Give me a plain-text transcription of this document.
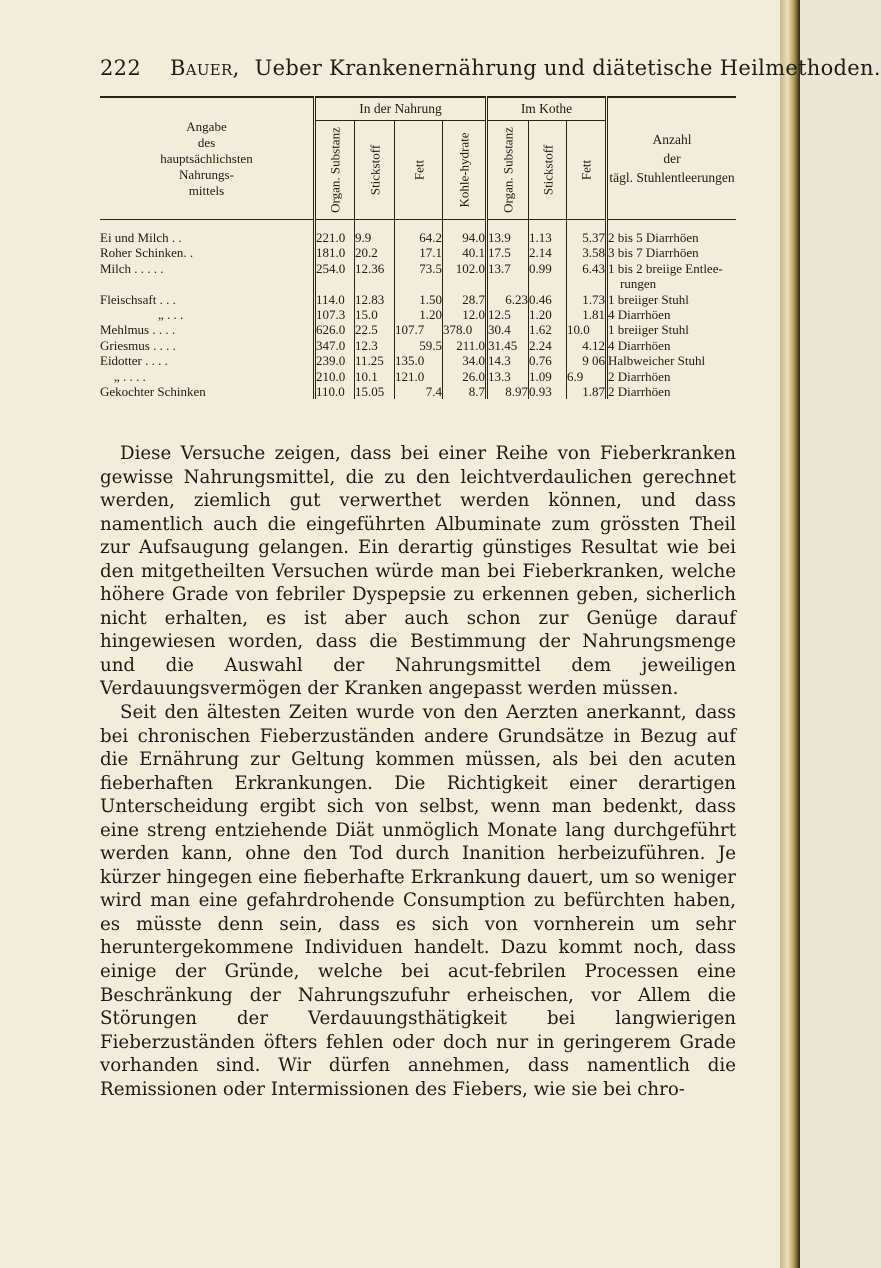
222 Bauer, Ueber Krankenernährung und diätetische Heilmethoden.
Angabe
des
hauptsächlichsten
Nahrungs-
mittels	In der Nahrung				Im Kothe			Anzahl
der
tägl. Stuhlentleerungen

	Organ. Substanz	Stickstoff	Fett	Kohle-hydrate	Organ. Substanz	Stickstoff	Fett	

Ei und Milch . .	221.0	9.9	64.2	94.0	13.9	1.13	5.37	2 bis 5 Diarrhöen
Roher Schinken. .	181.0	20.2	17.1	40.1	17.5	2.14	3.58	3 bis 7 Diarrhöen
Milch . . . . .	254.0	12.36	73.5	102.0	13.7	0.99	6.43	1 bis 2 breiige Entlee-
rungen

Fleischsaft . . .	114.0	12.83	1.50	28.7	6.23	0.46	1.73	1 breiiger Stuhl
„ . . .	107.3	15.0	1.20	12.0	12.5	1.20	1.81	4 Diarrhöen
Mehlmus . . . .	626.0	22.5	107.7	378.0	30.4	1.62	10.0	1 breiiger Stuhl
Griesmus . . . .	347.0	12.3	59.5	211.0	31.45	2.24	4.12	4 Diarrhöen
Eidotter . . . .	239.0	11.25	135.0	34.0	14.3	0.76	9 06	Halbweicher Stuhl
„ . . . .	210.0	10.1	121.0	26.0	13.3	1.09	6.9	2 Diarrhöen
Gekochter Schinken	110.0	15.05	7.4	8.7	8.97	0.93	1.87	2 Diarrhöen

Diese Versuche zeigen, dass bei einer Reihe von Fieberkranken gewisse Nahrungsmittel, die zu den leichtverdaulichen gerechnet werden, ziemlich gut verwerthet werden können, und dass namentlich auch die eingeführten Albuminate zum grössten Theil zur Aufsaugung gelangen. Ein derartig günstiges Resultat wie bei den mitgetheilten Versuchen würde man bei Fieberkranken, welche höhere Grade von febriler Dyspepsie zu erkennen geben, sicherlich nicht erhalten, es ist aber auch schon zur Genüge darauf hingewiesen worden, dass die Bestimmung der Nahrungsmenge und die Auswahl der Nahrungsmittel dem jeweiligen Verdauungsvermögen der Kranken angepasst werden müssen.

Seit den ältesten Zeiten wurde von den Aerzten anerkannt, dass bei chronischen Fieberzuständen andere Grundsätze in Bezug auf die Ernährung zur Geltung kommen müssen, als bei den acuten fieberhaften Erkrankungen. Die Richtigkeit einer derartigen Unterscheidung ergibt sich von selbst, wenn man bedenkt, dass eine streng entziehende Diät unmöglich Monate lang durchgeführt werden kann, ohne den Tod durch Inanition herbeizuführen. Je kürzer hingegen eine fieberhafte Erkrankung dauert, um so weniger wird man eine gefahrdrohende Consumption zu befürchten haben, es müsste denn sein, dass es sich von vornherein um sehr heruntergekommene Individuen handelt. Dazu kommt noch, dass einige der Gründe, welche bei acut-febrilen Processen eine Beschränkung der Nahrungszufuhr erheischen, vor Allem die Störungen der Verdauungsthätigkeit bei langwierigen Fieberzuständen öfters fehlen oder doch nur in geringerem Grade vorhanden sind. Wir dürfen annehmen, dass namentlich die Remissionen oder Intermissionen des Fiebers, wie sie bei chro-
